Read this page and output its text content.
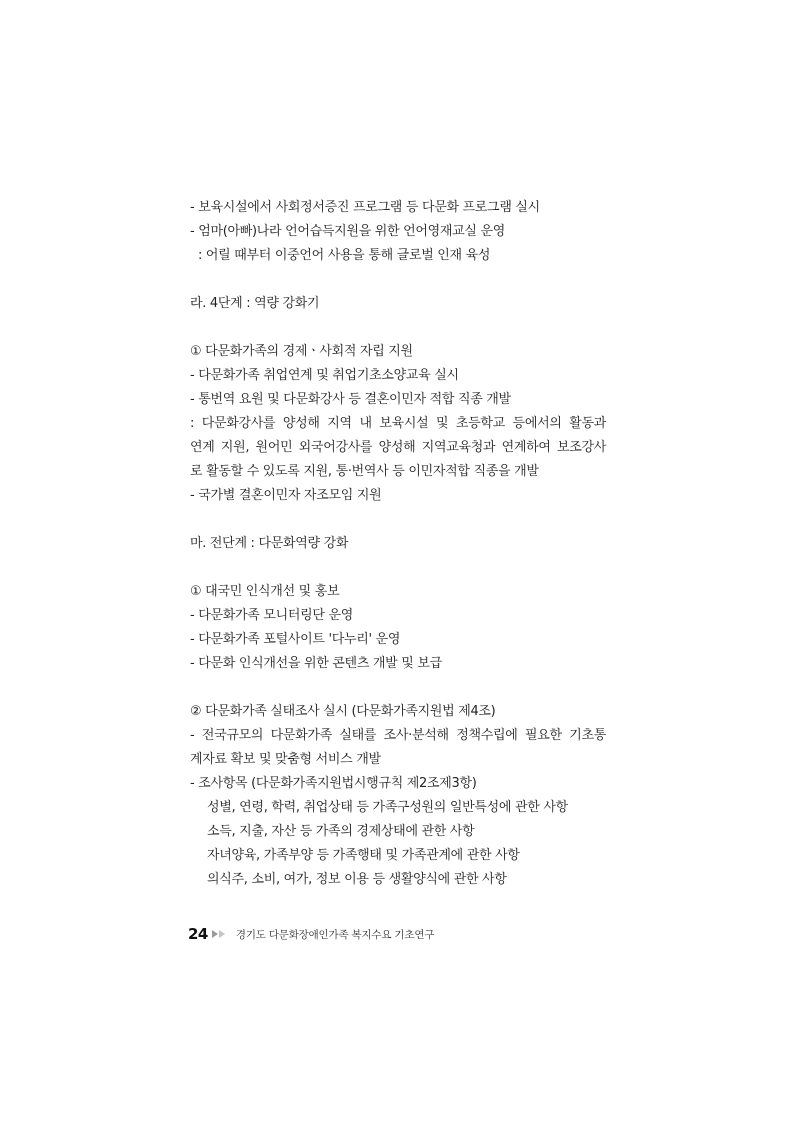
- 보육시설에서 사회정서증진 프로그램 등 다문화 프로그램 실시
- 엄마(아빠)나라 언어습득지원을 위한 언어영재교실 운영
: 어릴 때부터 이중언어 사용을 통해 글로벌 인재 육성
라. 4단계 : 역량 강화기
① 다문화가족의 경제ㆍ사회적 자립 지원
- 다문화가족 취업연계 및 취업기초소양교육 실시
- 통번역 요원 및 다문화강사 등 결혼이민자 적합 직종 개발
: 다문화강사를 양성해 지역 내 보육시설 및 초등학교 등에서의 활동과
연계 지원, 원어민 외국어강사를 양성해 지역교육청과 연계하여 보조강사
로 활동할 수 있도록 지원, 통·번역사 등 이민자적합 직종을 개발
- 국가별 결혼이민자 자조모임 지원
마. 전단계 : 다문화역량 강화
① 대국민 인식개선 및 홍보
- 다문화가족 모니터링단 운영
- 다문화가족 포털사이트 '다누리' 운영
- 다문화 인식개선을 위한 콘텐츠 개발 및 보급
② 다문화가족 실태조사 실시 (다문화가족지원법 제4조)
- 전국규모의 다문화가족 실태를 조사·분석해 정책수립에 필요한 기초통
계자료 확보 및 맞춤형 서비스 개발
- 조사항목 (다문화가족지원법시행규칙 제2조제3항)
성별, 연령, 학력, 취업상태 등 가족구성원의 일반특성에 관한 사항
소득, 지출, 자산 등 가족의 경제상태에 관한 사항
자녀양육, 가족부양 등 가족행태 및 가족관계에 관한 사항
의식주, 소비, 여가, 정보 이용 등 생활양식에 관한 사항
24	경기도 다문화장애인가족 복지수요 기초연구
